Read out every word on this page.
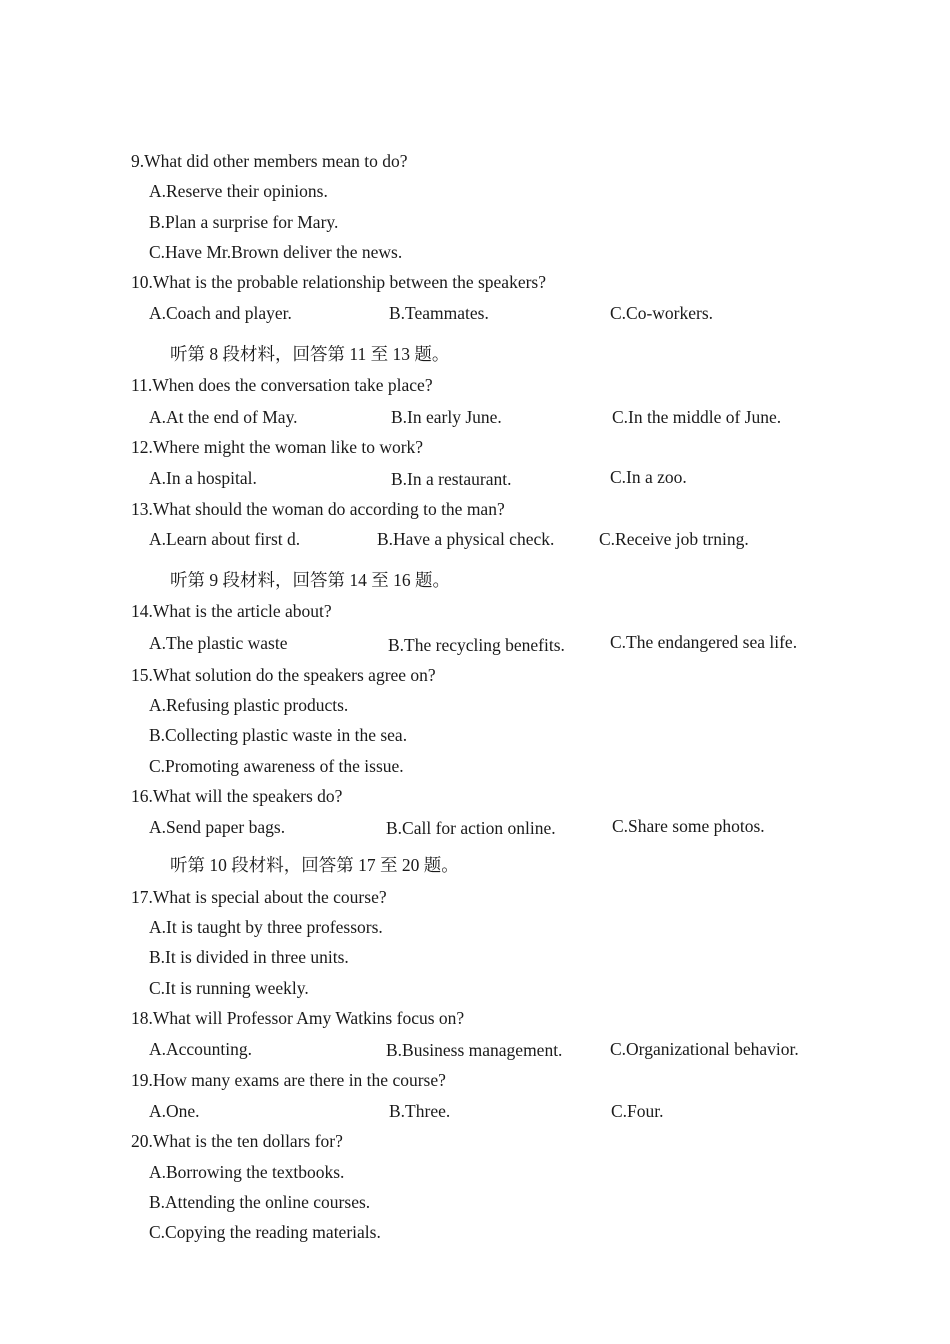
9.What did other members mean to do?
A.Reserve their opinions.
B.Plan a surprise for Mary.
C.Have Mr.Brown deliver the news.
10.What is the probable relationship between the speakers?
A.Coach and player.	B.Teammates.	C.Co-workers.
听第 8 段材料，回答第 11 至 13 题。
11.When does the conversation take place?
A.At the end of May.	B.In early June.	C.In the middle of June.
12.Where might the woman like to work?
A.In a hospital.	B.In a restaurant.	C.In a zoo.
13.What should the woman do according to the man?
A.Learn about first d.	B.Have a physical check.	C.Receive job trning.
听第 9 段材料，回答第 14 至 16 题。
14.What is the article about?
A.The plastic waste	B.The recycling benefits.	C.The endangered sea life.
15.What solution do the speakers agree on?
A.Refusing plastic products.
B.Collecting plastic waste in the sea.
C.Promoting awareness of the issue.
16.What will the speakers do?
A.Send paper bags.	B.Call for action online.	C.Share some photos.
听第 10 段材料，回答第 17 至 20 题。
17.What is special about the course?
A.It is taught by three professors.
B.It is divided in three units.
C.It is running weekly.
18.What will Professor Amy Watkins focus on?
A.Accounting.	B.Business management.	C.Organizational behavior.
19.How many exams are there in the course?
A.One.	B.Three.	C.Four.
20.What is the ten dollars for?
A.Borrowing the textbooks.
B.Attending the online courses.
C.Copying the reading materials.
